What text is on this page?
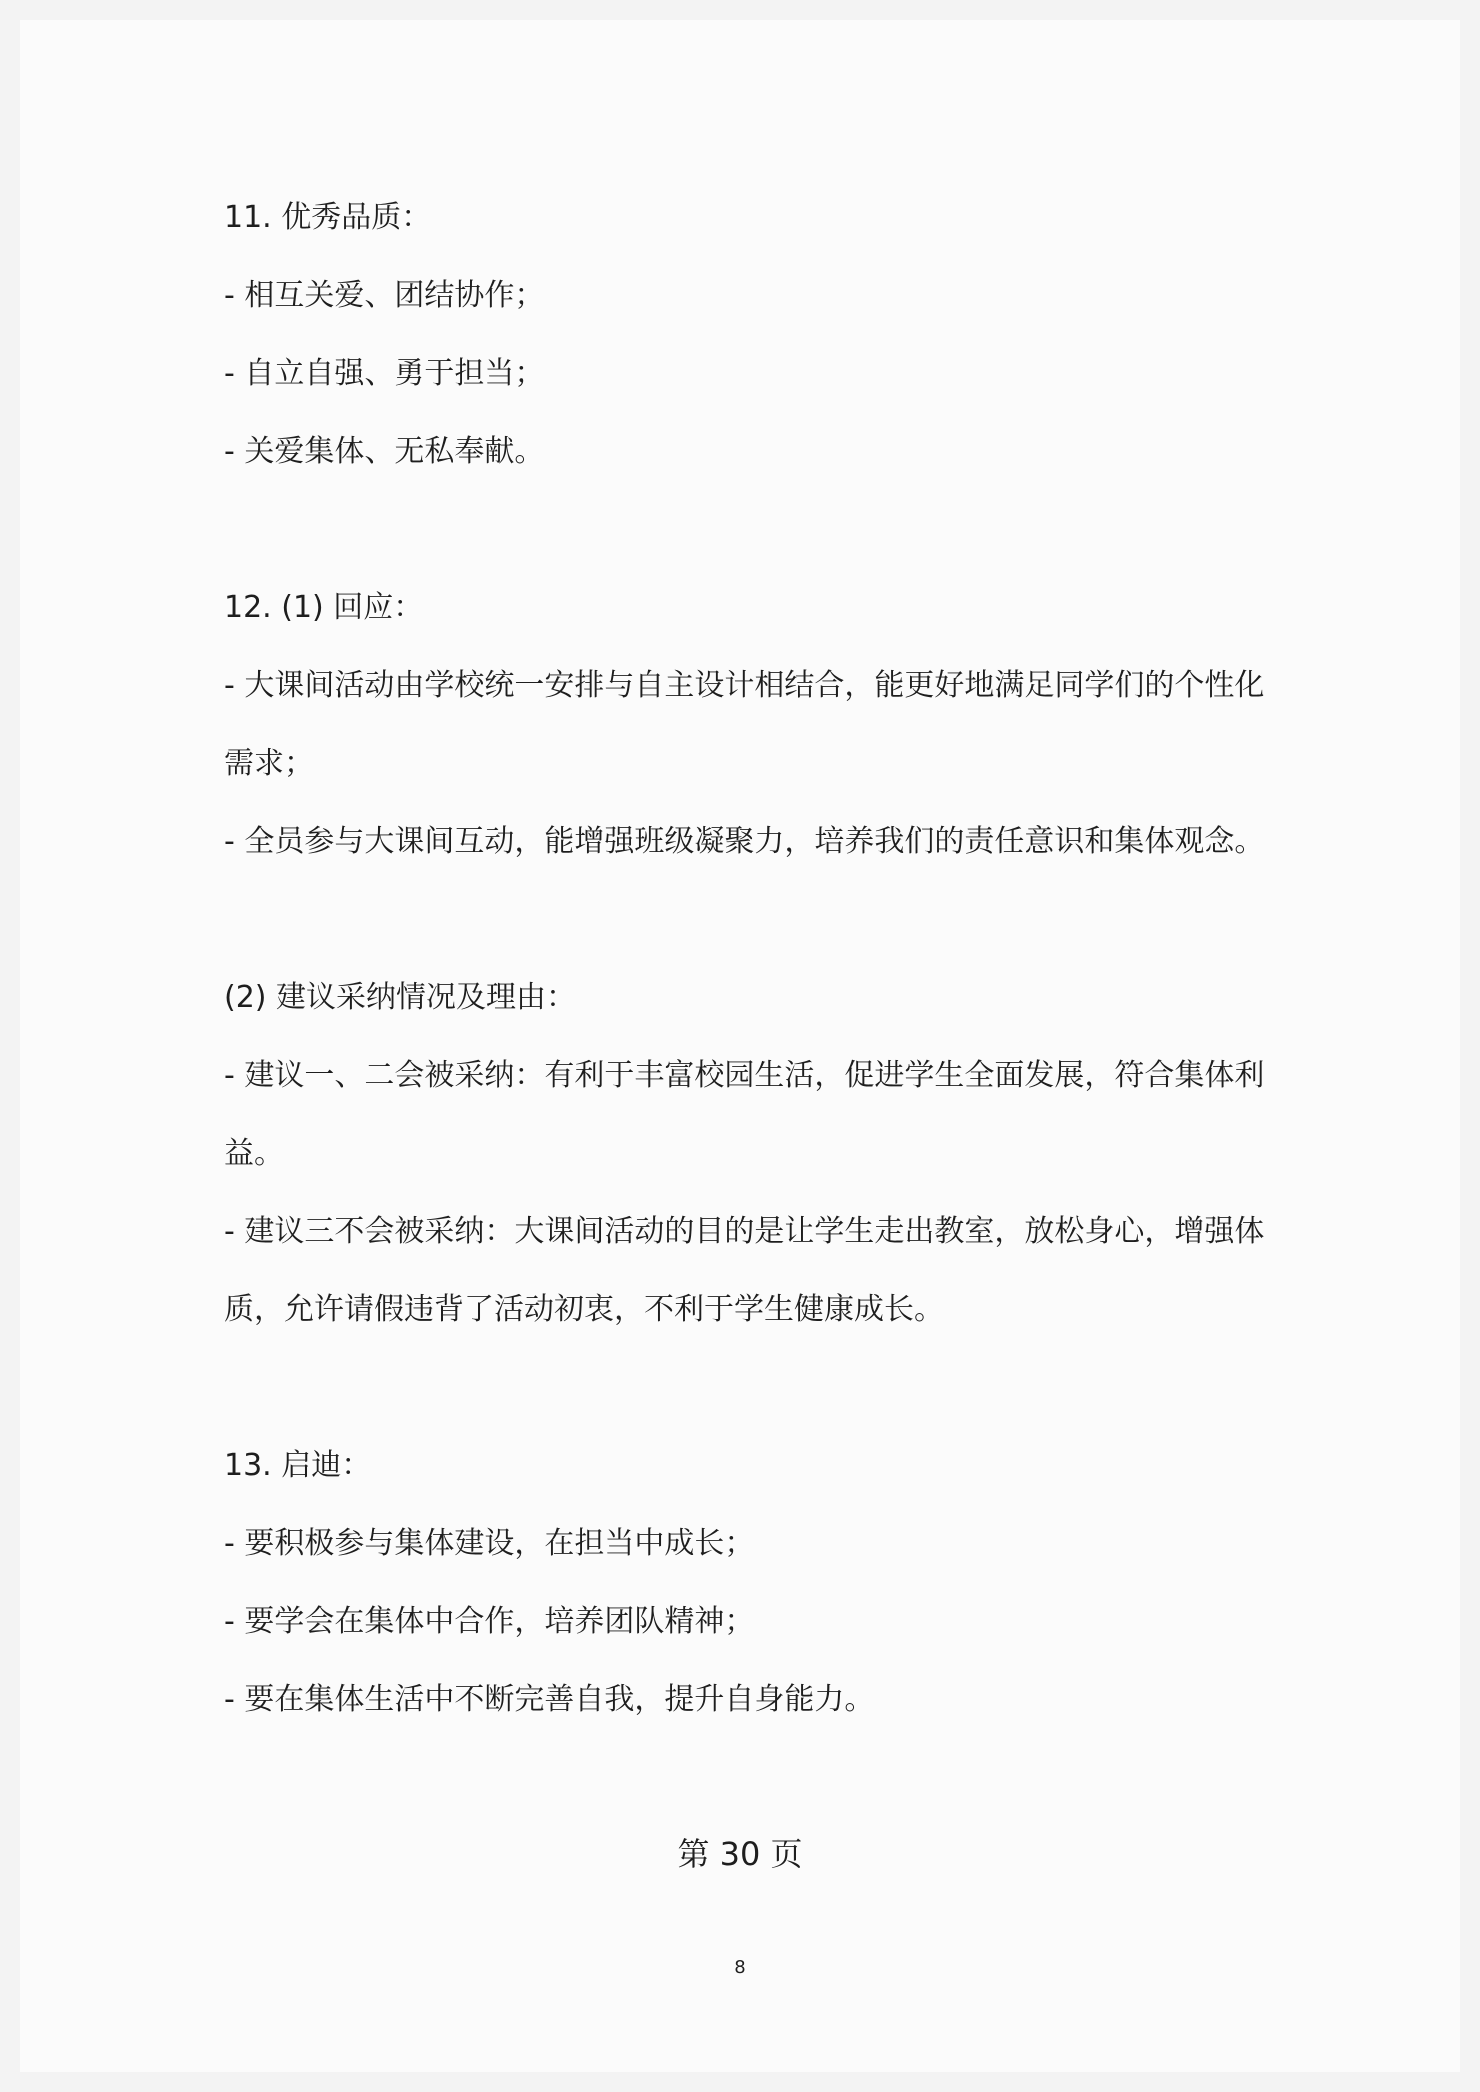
11. 优秀品质：
- 相互关爱、团结协作；
- 自立自强、勇于担当；
- 关爱集体、无私奉献。
12. (1) 回应：
- 大课间活动由学校统一安排与自主设计相结合，能更好地满足同学们的个性化
需求；
- 全员参与大课间互动，能增强班级凝聚力，培养我们的责任意识和集体观念。
(2) 建议采纳情况及理由：
- 建议一、二会被采纳：有利于丰富校园生活，促进学生全面发展，符合集体利
益。
- 建议三不会被采纳：大课间活动的目的是让学生走出教室，放松身心，增强体
质，允许请假违背了活动初衷，不利于学生健康成长。
13. 启迪：
- 要积极参与集体建设，在担当中成长；
- 要学会在集体中合作，培养团队精神；
- 要在集体生活中不断完善自我，提升自身能力。
第 30 页
8
